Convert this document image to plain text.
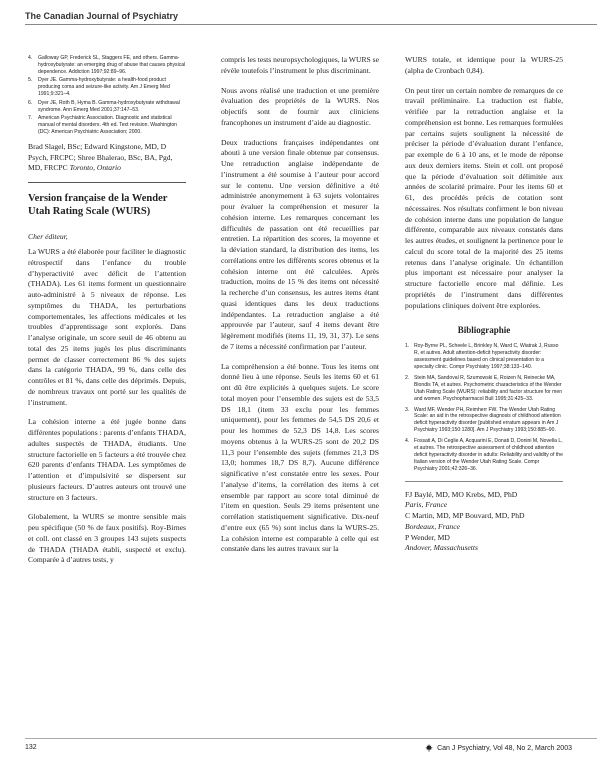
The Canadian Journal of Psychiatry
4.	Galloway GP, Frederick SL, Staggers FE, and others. Gamma-hydroxybutyrate: an emerging drug of abuse that causes physical dependence. Addiction 1997;92:89–96.
5.	Dyer JE. Gamma-hydroxybutyrate: a health-food product producing coma and seizure-like activity. Am J Emerg Med 1991;9:321–4.
6.	Dyer JE, Roth B, Hyma B. Gamma-hydroxybutyrate withdrawal syndrome. Ann Emerg Med 2001;37:147–53.
7.	American Psychiatric Association. Diagnostic and statistical manual of mental disorders. 4th ed. Text revision. Washington (DC): American Psychiatric Association; 2000.

Brad Slagel, BSc; Edward Kingstone, MD, D Psych, FRCPC; Shree Bhalerao, BSc, BA, Pgd, MD, FRCPC Toronto, Ontario

Version française de la Wender Utah Rating Scale (WURS)
Cher éditeur,

La WURS a été élaborée pour faciliter le diagnostic rétrospectif dans l’enfance du trouble d’hyperactivité avec déficit de l’attention (THADA). Les 61 items forment un questionnaire auto-administré à 5 niveaux de réponse. Les symptômes du THADA, les perturbations comportementales, les affections médicales et les troubles d’apprentissage sont explorés. Dans l’analyse originale, un score seuil de 46 obtenu au total des 25 items jugés les plus discriminants permet de classer correctement 86 % des sujets dans la catégorie THADA, 99 %, dans celle des contrôles et 81 %, dans celle des déprimés. Depuis, de nombreux travaux ont porté sur les qualités de l’instrument.

La cohésion interne a été jugée bonne dans différentes populations : parents d’enfants THADA, adultes suspectés de THADA, étudiants. Une structure factorielle en 5 facteurs a été trouvée chez 620 parents d’enfants THADA. Les symptômes de l’attention et d’impulsivité se dispersent sur plusieurs facteurs. D’autres auteurs ont trouvé une structure en 3 facteurs.

Globalement, la WURS se montre sensible mais peu spécifique (50 % de faux positifs). Roy-Birnes et coll. ont classé en 3 groupes 143 sujets suspects de THADA (THADA établi, suspecté et exclu). Comparée à d’autres tests, y

compris les tests neuropsychologiques, la WURS se révèle toutefois l’instrument le plus discriminant.

Nous avons réalisé une traduction et une première évaluation des propriétés de la WURS. Nos objectifs sont de fournir aux cliniciens francophones un instrument d’aide au diagnostic.

Deux traductions françaises indépendantes ont abouti à une version finale obtenue par consensus. Une retraduction anglaise indépendante de l’instrument a été soumise à l’auteur pour accord sur le contenu. Une version définitive a été administrée anonymement à 63 sujets volontaires pour évaluer la compréhension et mesurer la cohésion interne. Les remarques concernant les difficultés de passation ont été recueillies par entretien. La répartition des scores, la moyenne et la déviation standard, la distribution des items, les corrélations entre les différents scores obtenus et la cohésion interne ont été calculées. Après traduction, moins de 15 % des items ont nécessité la recherche d’un consensus, les autres items étant quasi identiques dans les deux traductions indépendantes. La retraduction anglaise a été approuvée par l’auteur, sauf 4 items devant être légèrement modifiés (items 11, 19, 31, 37). Le sens de 7 items a nécessité confirmation par l’auteur.

La compréhension a été bonne. Tous les items ont donné lieu à une réponse. Seuls les items 60 et 61 ont dû être explicités à quelques sujets. Le score total moyen pour l’ensemble des sujets est de 53,5 DS 18,1 (item 33 exclu pour les femmes uniquement), pour les femmes de 54,5 DS 20,6 et pour les hommes de 52,3 DS 14,8. Les scores moyens obtenus à la WURS-25 sont de 20,2 DS 11,3 pour l’ensemble des sujets (femmes 21,3 DS 13,0; hommes 18,7 DS 8,7). Aucune différence significative n’est constatée entre les sexes. Pour l’analyse d’items, la corrélation des items à cet ensemble par rapport au score total diminué de l’item en question. Seuls 29 items présentent une corrélation statistiquement significative. Dix-neuf d’entre eux (65 %) sont inclus dans la WURS-25. La cohésion interne est comparable à celle qui est constatée dans les autres travaux sur la

WURS totale, et identique pour la WURS-25 (alpha de Cronbach 0,84).

On peut tirer un certain nombre de remarques de ce travail préliminaire. La traduction est fiable, vérifiée par la retraduction anglaise et la compréhension est bonne. Les remarques formulées par certains sujets soulignent la nécessité de préciser la période d’évaluation durant l’enfance, par exemple de 6 à 10 ans, et le mode de réponse aux deux derniers items. Stein et coll. ont proposé que la période d’évaluation soit délimitée aux années de scolarité primaire. Pour les items 60 et 61, des procédés précis de cotation sont nécessaires. Nos résultats confirment le bon niveau de cohésion interne dans une population de langue différente, comparable aux niveaux constatés dans les autres études, et soulignent la pertinence pour le calcul du score total de la majorité des 25 items retenus dans l’analyse originale. Un échantillon plus important est nécessaire pour analyser la structure factorielle encore mal définie. Les propriétés de l’instrument dans différentes populations cliniques doivent être explorées.

Bibliographie
1. Roy-Byrne PL, Scheele L, Brinkley N, Ward C, Wiatrak J, Russo R, et autres. Adult attention-deficit hyperactivity disorder: assessment guidelines based on clinical presentation to a specialty clinic. Compr Psychiatry 1997;38:133–140.
2. Stein MA, Sandoval R, Szumowski E, Roizen N, Reinecke MA, Blondis TA, et autres. Psychometric characteristics of the Wender Utah Rating Scale (WURS): reliability and factor structure for men and women. Psychopharmacol Bull 1995;31:425–33.
3. Ward MF, Wender PH, Reimherr FW. The Wender Utah Rating Scale: an aid in the retrospective diagnosis of childhood attention deficit hyperactivity disorder [published erratum appears in Am J Psychiatry 1993;150:1280]. Am J Psychiatry 1993;150:885–90.
4. Fossati A, Di Ceglie A, Acquarini E, Donati D, Donini M, Novella L, et autres. The retrospective assessment of childhood attention deficit hyperactivity disorder in adults: Reliability and validity of the Italian version of the Wender Utah Rating Scale. Compr Psychiatry 2001;42:326–36.

FJ Baylé, MD, MO Krebs, MD, PhD

Paris, France

C Martin, MD, MP Bouvard, MD, PhD

Bordeaux, France

P Wender, MD

Andover, Massachusetts

132	Can J Psychiatry, Vol 48, No 2, March 2003
